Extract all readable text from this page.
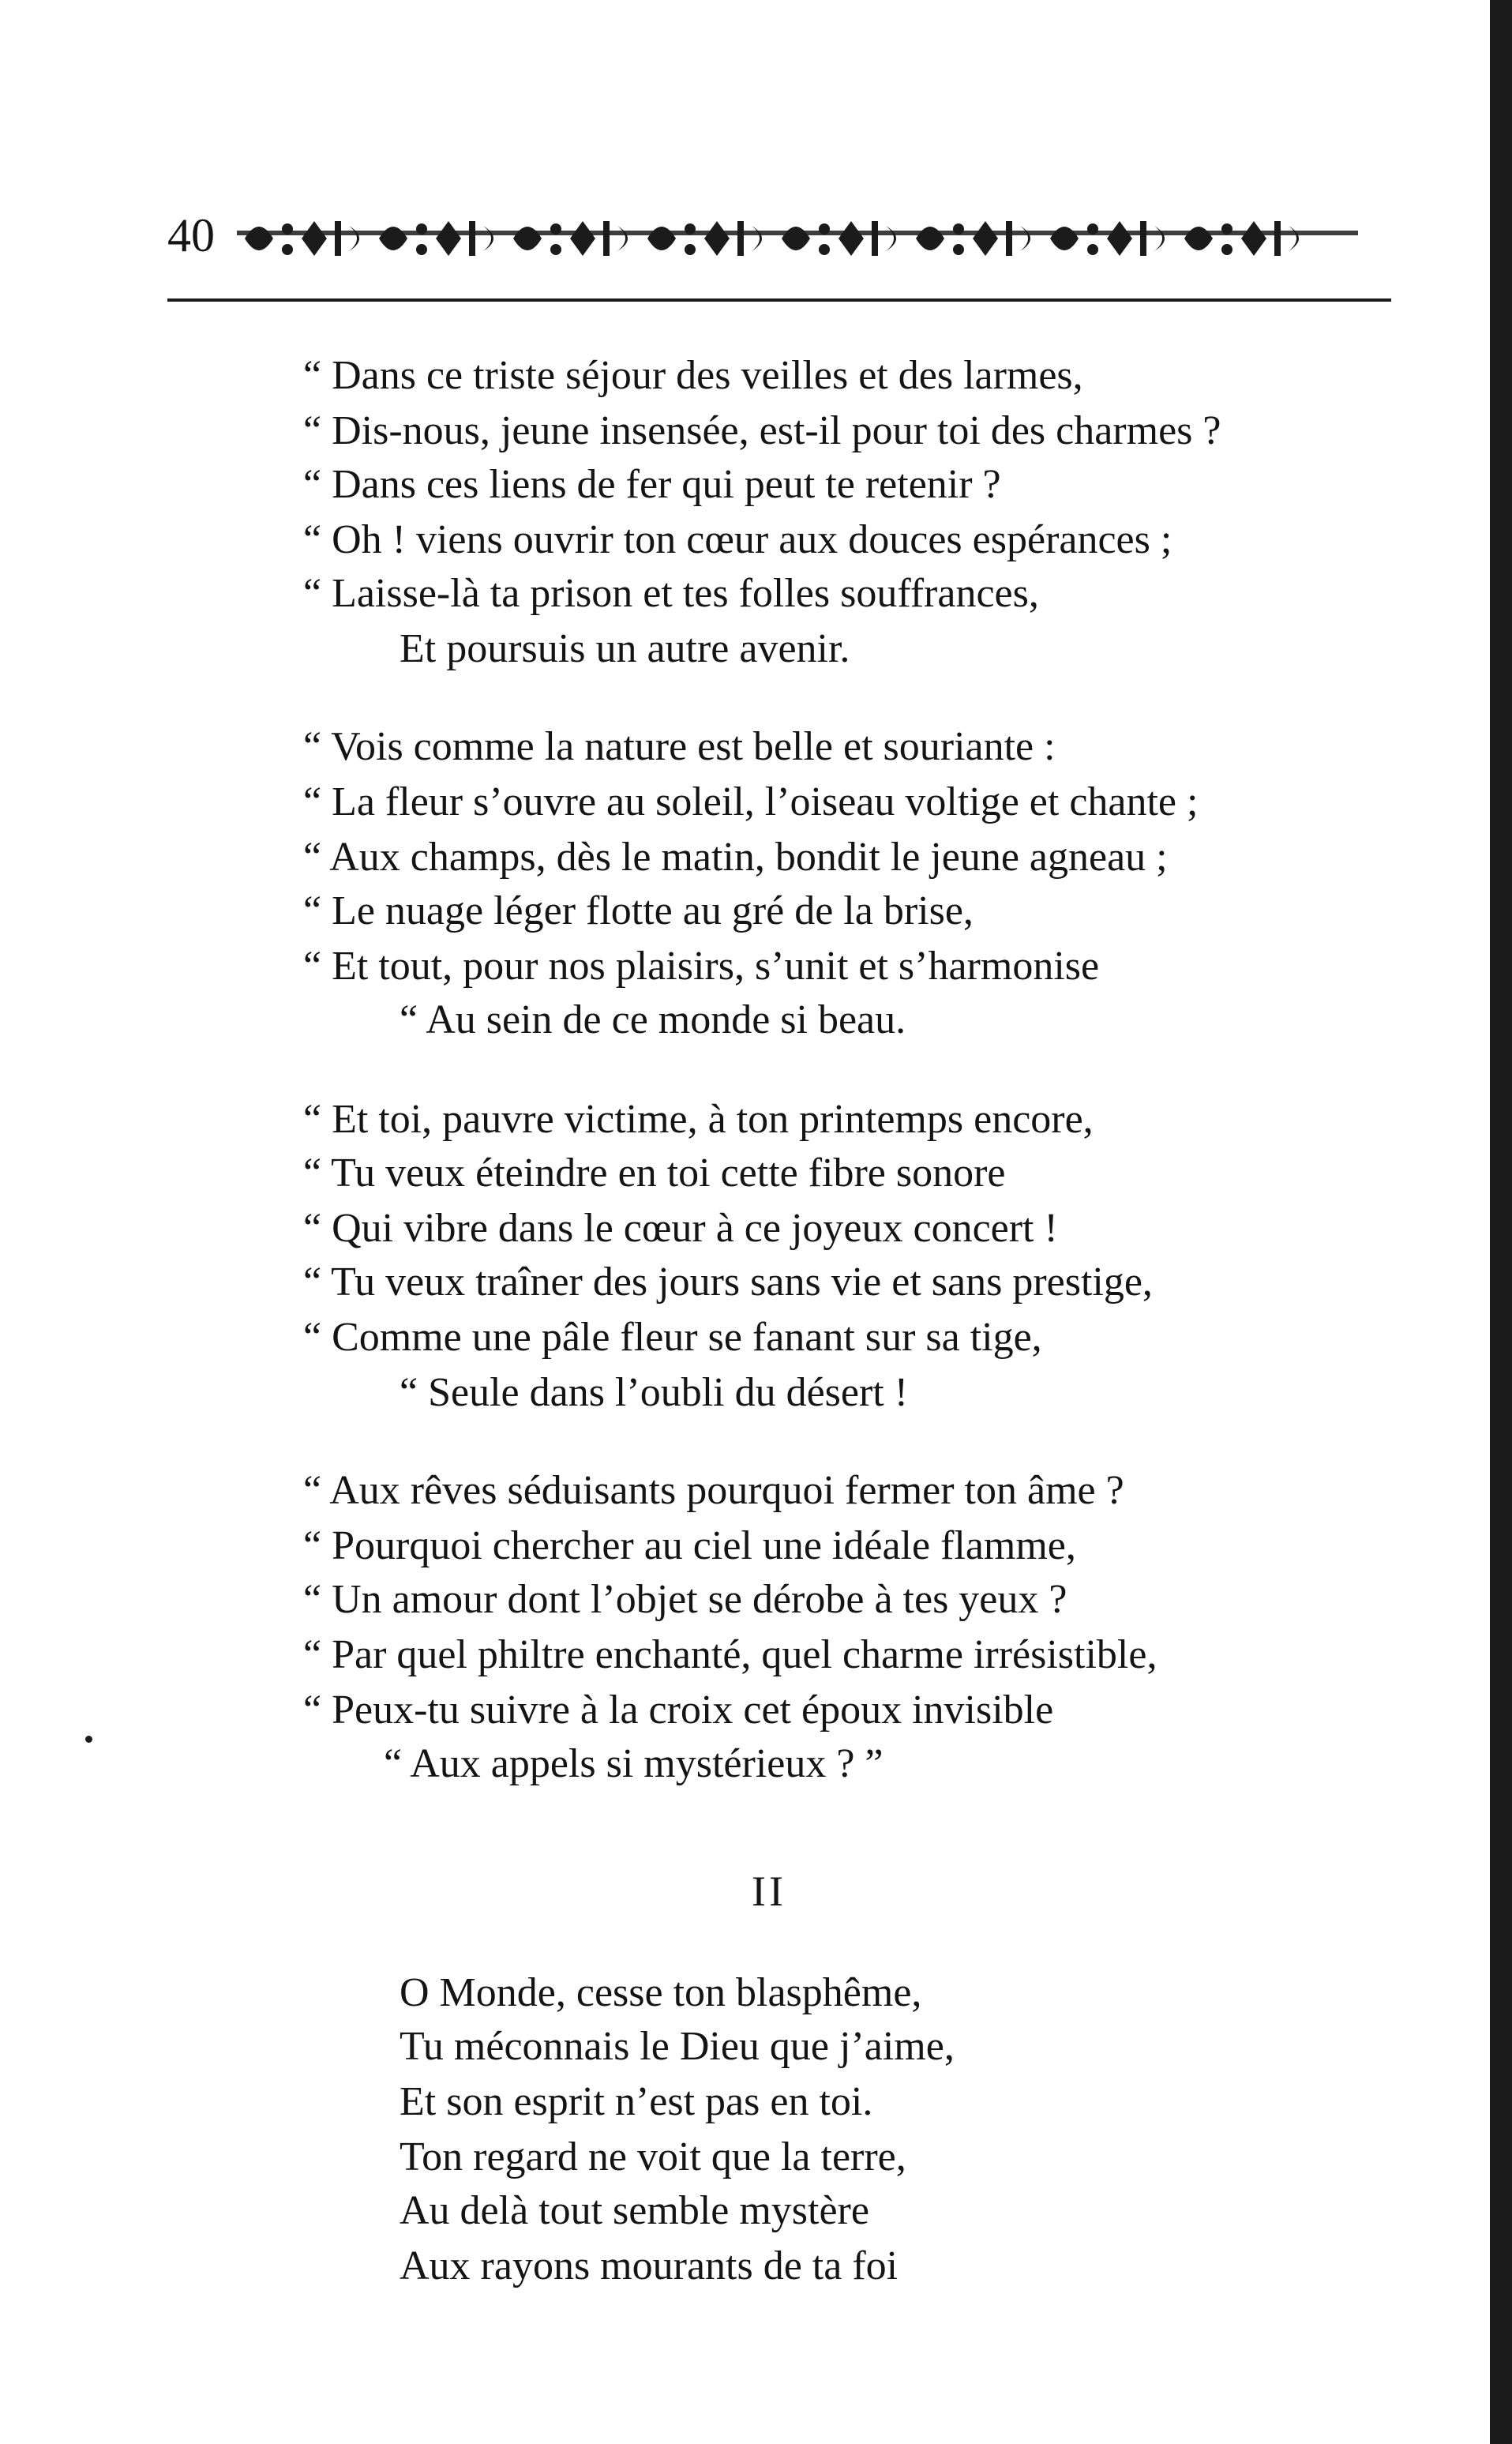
40
“ Dans ce triste séjour des veilles et des larmes,
“ Dis-nous, jeune insensée, est-il pour toi des charmes ?
“ Dans ces liens de fer qui peut te retenir ?
“ Oh ! viens ouvrir ton cœur aux douces espérances ;
“ Laisse-là ta prison et tes folles souffrances,
Et poursuis un autre avenir.
“ Vois comme la nature est belle et souriante :
“ La fleur s’ouvre au soleil, l’oiseau voltige et chante ;
“ Aux champs, dès le matin, bondit le jeune agneau ;
“ Le nuage léger flotte au gré de la brise,
“ Et tout, pour nos plaisirs, s’unit et s’harmonise
“ Au sein de ce monde si beau.
“ Et toi, pauvre victime, à ton printemps encore,
“ Tu veux éteindre en toi cette fibre sonore
“ Qui vibre dans le cœur à ce joyeux concert !
“ Tu veux traîner des jours sans vie et sans prestige,
“ Comme une pâle fleur se fanant sur sa tige,
“ Seule dans l’oubli du désert !
“ Aux rêves séduisants pourquoi fermer ton âme ?
“ Pourquoi chercher au ciel une idéale flamme,
“ Un amour dont l’objet se dérobe à tes yeux ?
“ Par quel philtre enchanté, quel charme irrésistible,
“ Peux-tu suivre à la croix cet époux invisible
“ Aux appels si mystérieux ? ”
II
O Monde, cesse ton blasphême,
Tu méconnais le Dieu que j’aime,
Et son esprit n’est pas en toi.
Ton regard ne voit que la terre,
Au delà tout semble mystère
Aux rayons mourants de ta foi
